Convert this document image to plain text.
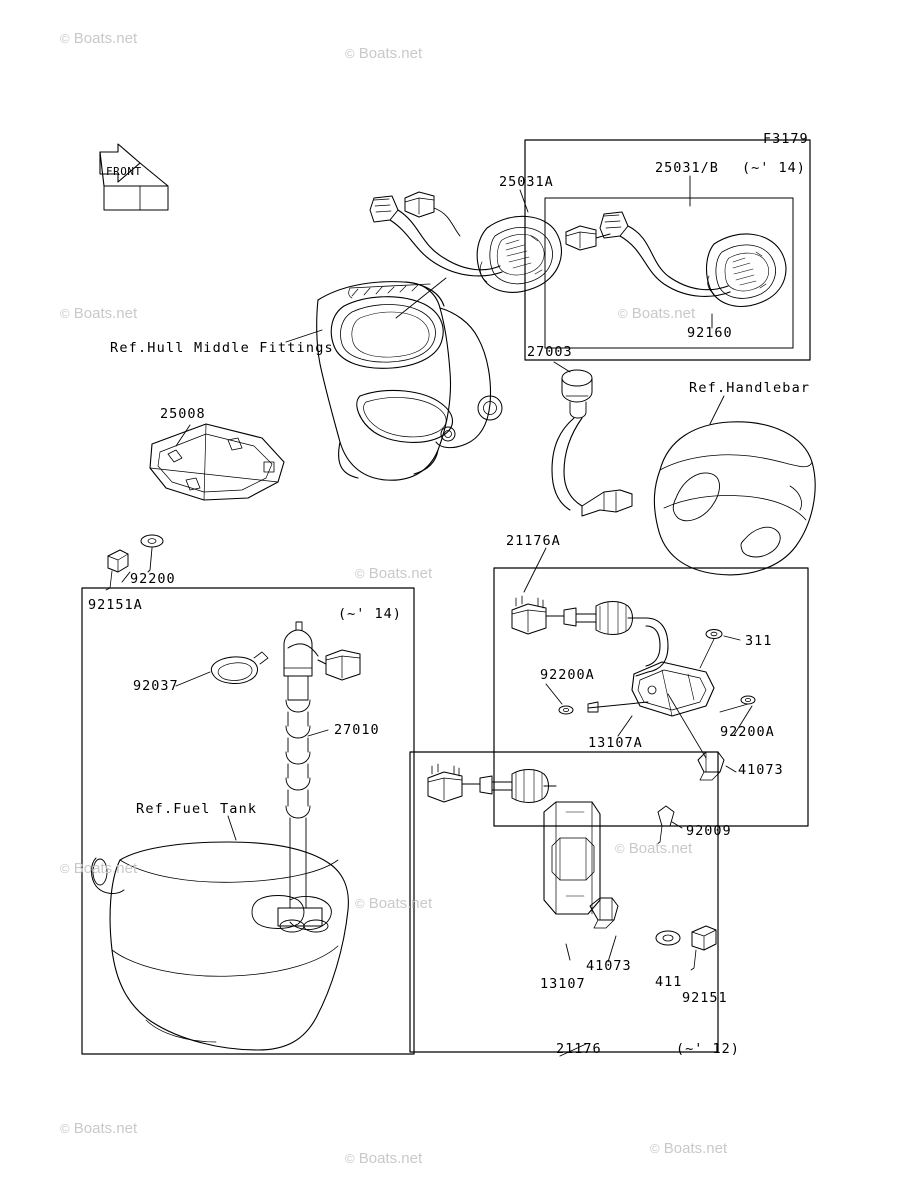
© Boats.net
© Boats.net
© Boats.net	© Boats.net
© Boats.net
© Boats.net
© Boats.net
© Boats.net
© Boats.net
© Boats.net
© Boats.net
F3179
FRONT
25031A
25031/B (~' 14)
92160
Ref.Hull Middle Fittings
25008
92200
92151A
27003
Ref.Handlebar
21176A
311
92200A
13107A
92200A
41073
92009
92037
27010
Ref.Fuel Tank
(~' 14)
41073
13107	411
92151
21176	(~' 12)
